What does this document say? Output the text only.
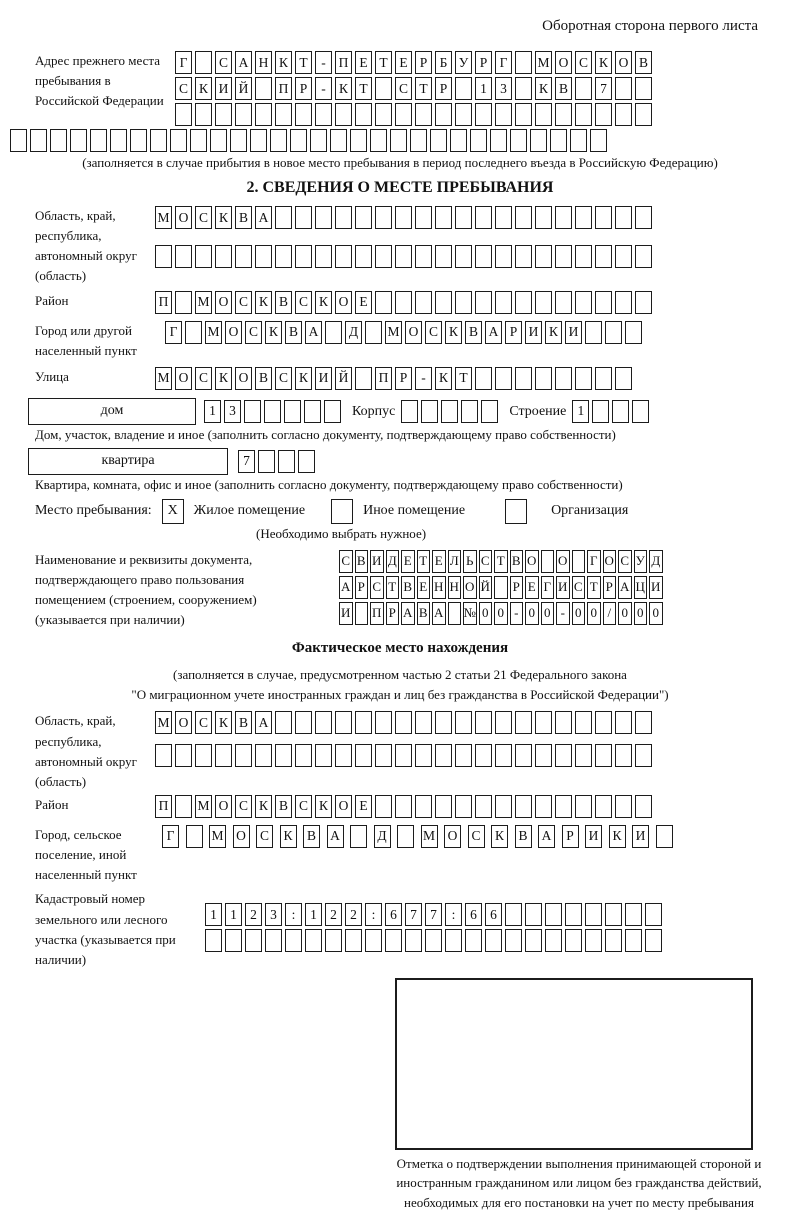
Оборотная сторона первого листа
Адрес прежнего места пребывания в Российской Федерации
Г	С А Н К Т	- П Е Т Е Р Б У Р Г	М О С К О В
С К И Й П Р	- К Т	С Т Р	1 3	К В	7
(заполняется в случае прибытия в новое место пребывания в период последнего въезда в Российскую Федерацию)
2. СВЕДЕНИЯ О МЕСТЕ ПРЕБЫВАНИЯ
Область, край, республика, автономный округ (область)
М О С К В А
Район	П М О С К В С К О Е
Город или другой населенный пункт
Г	М О С К В А Д М О С К В А Р И К И
Улица	М О С К О В С К И Й П Р	- К Т
дом	1 3	Корпус	Строение 1
Дом, участок, владение и иное (заполнить согласно документу, подтверждающему право собственности)
квартира	7
Квартира, комната, офис и иное (заполнить согласно документу, подтверждающему право собственности)
Место пребывания:	X	Жилое помещение	Иное помещение	Организация
(Необходимо выбрать нужное)
Наименование и реквизиты документа, подтверждающего право пользования помещением (строением, сооружением) (указывается при наличии)
С В И Д Е Т Е Л Ь С Т В О О Г О С У Д
А Р С Т В Е Н Н О Й Р Е Г И С Т Р А Ц И
И П Р А В А № 0 0 - 0 0 - 0 0 / 0 0 0
Фактическое место нахождения
(заполняется в случае, предусмотренном частью 2 статьи 21 Федерального закона
"О миграционном учете иностранных граждан и лиц без гражданства в Российской Федерации")
Область, край, республика, автономный округ (область)
М О С К В А
Район	П М О С К В С К О Е
Город, сельское поселение, иной населенный пункт
Г	М О С К В А	Д	М О С К В А	Р	И К И
Кадастровый номер земельного или лесного участка (указывается при наличии)
1 1 2 3	:	1 2 2	:	6 7 7	:	6 6
Отметка о подтверждении выполнения принимающей стороной и иностранным гражданином или лицом без гражданства действий, необходимых для его постановки на учет по месту пребывания
